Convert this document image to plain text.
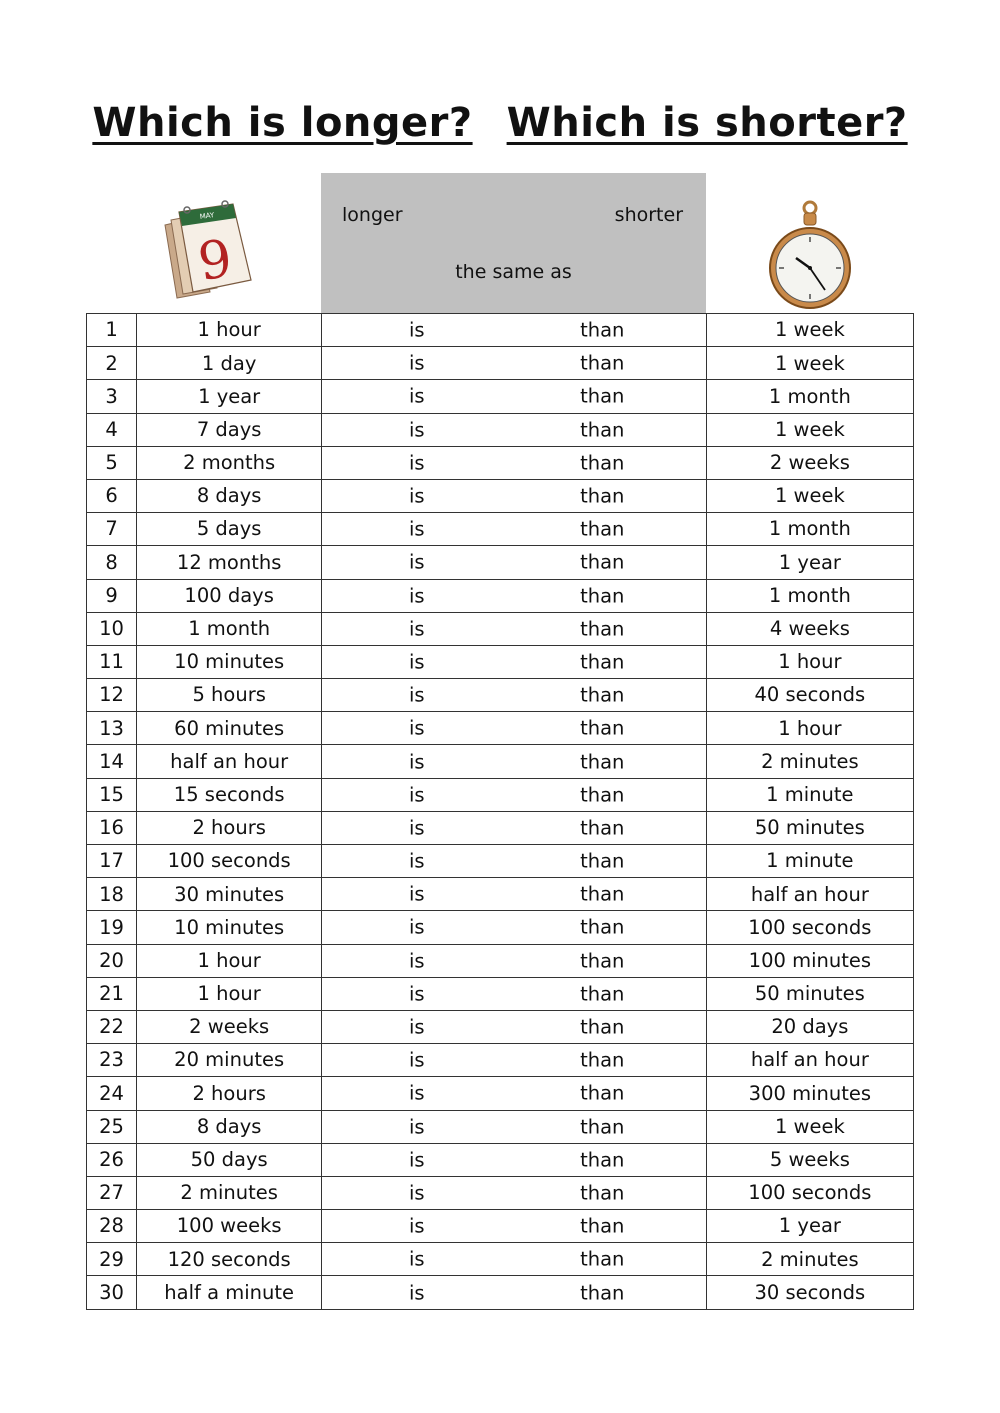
Which is longer? Which is shorter?
MAY
9
longer	shorter
the same as
1	1 hour	is than	1 week
2	1 day	is than	1 week
3	1 year	is than	1 month
4	7 days	is than	1 week
5	2 months	is than	2 weeks
6	8 days	is than	1 week
7	5 days	is than	1 month
8	12 months	is than	1 year
9	100 days	is than	1 month
10	1 month	is than	4 weeks
11	10 minutes	is than	1 hour
12	5 hours	is than	40 seconds
13	60 minutes	is than	1 hour
14	half an hour	is than	2 minutes
15	15 seconds	is than	1 minute
16	2 hours	is than	50 minutes
17	100 seconds	is than	1 minute
18	30 minutes	is than	half an hour
19	10 minutes	is than	100 seconds
20	1 hour	is than	100 minutes
21	1 hour	is than	50 minutes
22	2 weeks	is than	20 days
23	20 minutes	is than	half an hour
24	2 hours	is than	300 minutes
25	8 days	is than	1 week
26	50 days	is than	5 weeks
27	2 minutes	is than	100 seconds
28	100 weeks	is than	1 year
29	120 seconds	is than	2 minutes
30	half a minute	is than	30 seconds
